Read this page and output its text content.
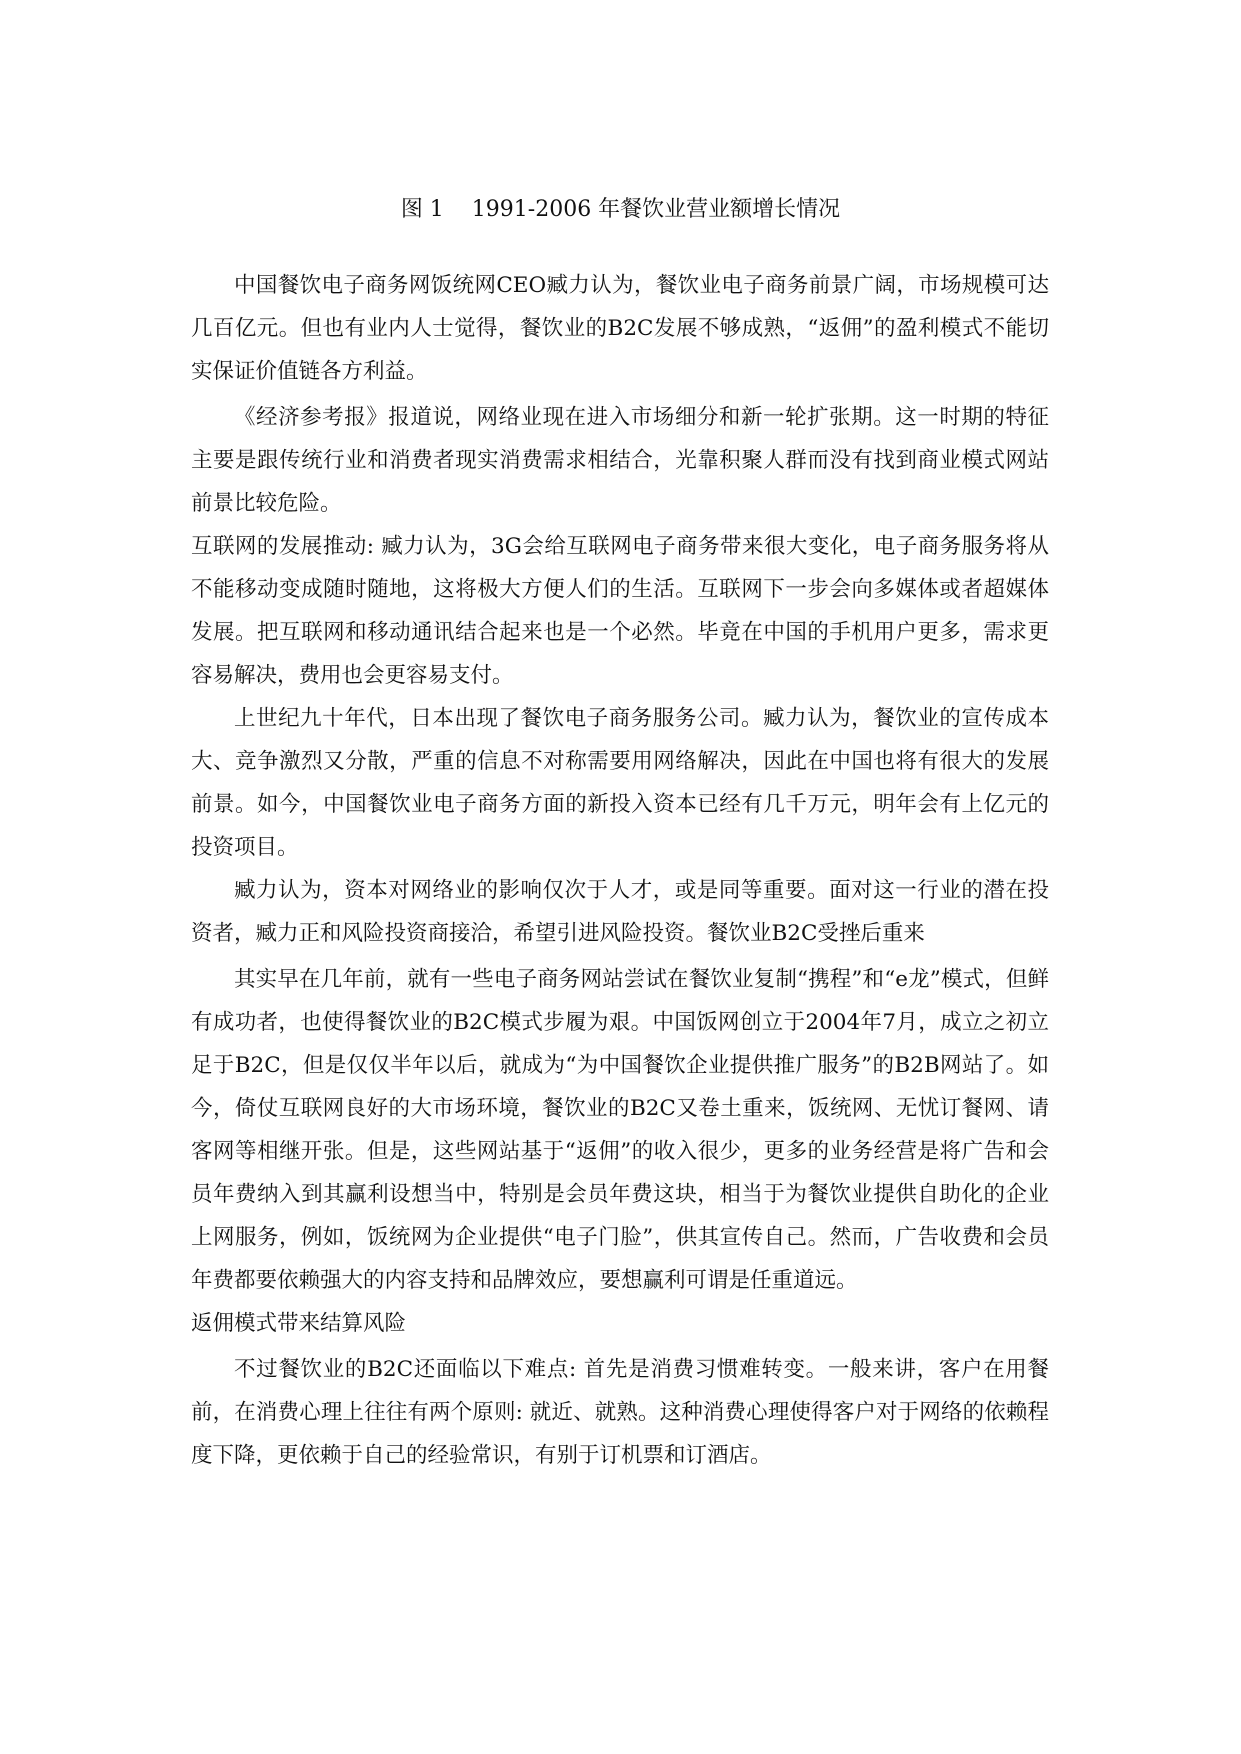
图 1    1991-2006 年餐饮业营业额增长情况

中国餐饮电子商务网饭统网CEO臧力认为，餐饮业电子商务前景广阔，市场规模可达几百亿元。但也有业内人士觉得，餐饮业的B2C发展不够成熟，“返佣”的盈利模式不能切实保证价值链各方利益。

《经济参考报》报道说，网络业现在进入市场细分和新一轮扩张期。这一时期的特征主要是跟传统行业和消费者现实消费需求相结合，光靠积聚人群而没有找到商业模式网站前景比较危险。

互联网的发展推动: 臧力认为，3G会给互联网电子商务带来很大变化，电子商务服务将从不能移动变成随时随地，这将极大方便人们的生活。互联网下一步会向多媒体或者超媒体发展。把互联网和移动通讯结合起来也是一个必然。毕竟在中国的手机用户更多，需求更容易解决，费用也会更容易支付。

上世纪九十年代，日本出现了餐饮电子商务服务公司。臧力认为，餐饮业的宣传成本大、竞争激烈又分散，严重的信息不对称需要用网络解决，因此在中国也将有很大的发展前景。如今，中国餐饮业电子商务方面的新投入资本已经有几千万元，明年会有上亿元的投资项目。

臧力认为，资本对网络业的影响仅次于人才，或是同等重要。面对这一行业的潜在投资者，臧力正和风险投资商接洽，希望引进风险投资。餐饮业B2C受挫后重来

其实早在几年前，就有一些电子商务网站尝试在餐饮业复制“携程”和“e龙”模式，但鲜有成功者，也使得餐饮业的B2C模式步履为艰。中国饭网创立于2004年7月，成立之初立足于B2C，但是仅仅半年以后，就成为“为中国餐饮企业提供推广服务”的B2B网站了。如今，倚仗互联网良好的大市场环境，餐饮业的B2C又卷土重来，饭统网、无忧订餐网、请客网等相继开张。但是，这些网站基于“返佣”的收入很少，更多的业务经营是将广告和会员年费纳入到其赢利设想当中，特别是会员年费这块，相当于为餐饮业提供自助化的企业上网服务，例如，饭统网为企业提供“电子门脸”，供其宣传自己。然而，广告收费和会员年费都要依赖强大的内容支持和品牌效应，要想赢利可谓是任重道远。

返佣模式带来结算风险

不过餐饮业的B2C还面临以下难点: 首先是消费习惯难转变。一般来讲，客户在用餐前，在消费心理上往往有两个原则: 就近、就熟。这种消费心理使得客户对于网络的依赖程度下降，更依赖于自己的经验常识，有别于订机票和订酒店。
